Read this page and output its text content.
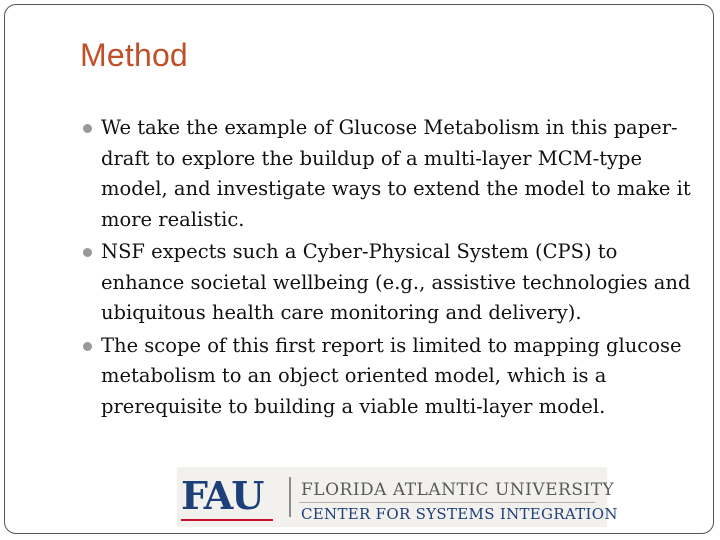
Method
We take the example of Glucose Metabolism in this paper-draft to explore the buildup of a multi-layer MCM-type model, and investigate ways to extend the model to make it more realistic.
NSF expects such a Cyber-Physical System (CPS) to enhance societal wellbeing (e.g., assistive technologies and ubiquitous health care monitoring and delivery).
The scope of this first report is limited to mapping glucose metabolism to an object oriented model, which is a prerequisite to building a viable multi-layer model.
FAU FLORIDA ATLANTIC UNIVERSITY
CENTER FOR SYSTEMS INTEGRATION
